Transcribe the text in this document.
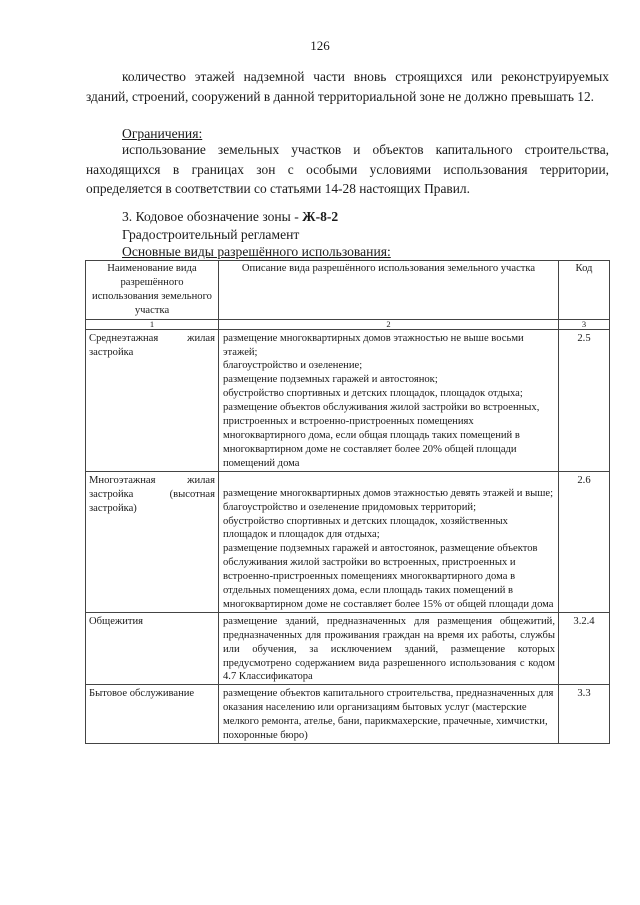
126

количество этажей надземной части вновь строящихся или реконструируемых зданий, строений, сооружений в данной территориальной зоне не должно превышать 12.

Ограничения:

использование земельных участков и объектов капитального строительства, находящихся в границах зон с особыми условиями использования территории, определяется в соответствии со статьями 14-28 настоящих Правил.

3. Кодовое обозначение зоны - Ж-8-2
Градостроительный регламент
Основные виды разрешённого использования:
Наименование вида разрешённого использования земельного участка	Описание вида разрешённого использования земельного участка	Код
1	2	3
Среднеэтажная жилая застройка	размещение многоквартирных домов этажностью не выше восьми этажей;
благоустройство и озеленение;
размещение подземных гаражей и автостоянок;
обустройство спортивных и детских площадок, площадок отдыха;
размещение объектов обслуживания жилой застройки во встроенных, пристроенных и встроенно-пристроенных помещениях многоквартирного дома, если общая площадь таких помещений в многоквартирном доме не составляет более 20% общей площади помещений дома	2.5
Многоэтажная жилая застройка (высотная застройка)	размещение многоквартирных домов этажностью девять этажей и выше; благоустройство и озеленение придомовых территорий;
обустройство спортивных и детских площадок, хозяйственных площадок и площадок для отдыха;
размещение подземных гаражей и автостоянок, размещение объектов обслуживания жилой застройки во встроенных, пристроенных и встроенно-пристроенных помещениях многоквартирного дома в отдельных помещениях дома, если площадь таких помещений в многоквартирном доме не составляет более 15% от общей площади дома	2.6
Общежития	размещение зданий, предназначенных для размещения общежитий, предназначенных для проживания граждан на время их работы, службы или обучения, за исключением зданий, размещение которых предусмотрено содержанием вида разрешенного использования с кодом 4.7 Классификатора	3.2.4
Бытовое обслуживание	размещение объектов капитального строительства, предназначенных для оказания населению или организациям бытовых услуг (мастерские мелкого ремонта, ателье, бани, парикмахерские, прачечные, химчистки, похоронные бюро)	3.3
